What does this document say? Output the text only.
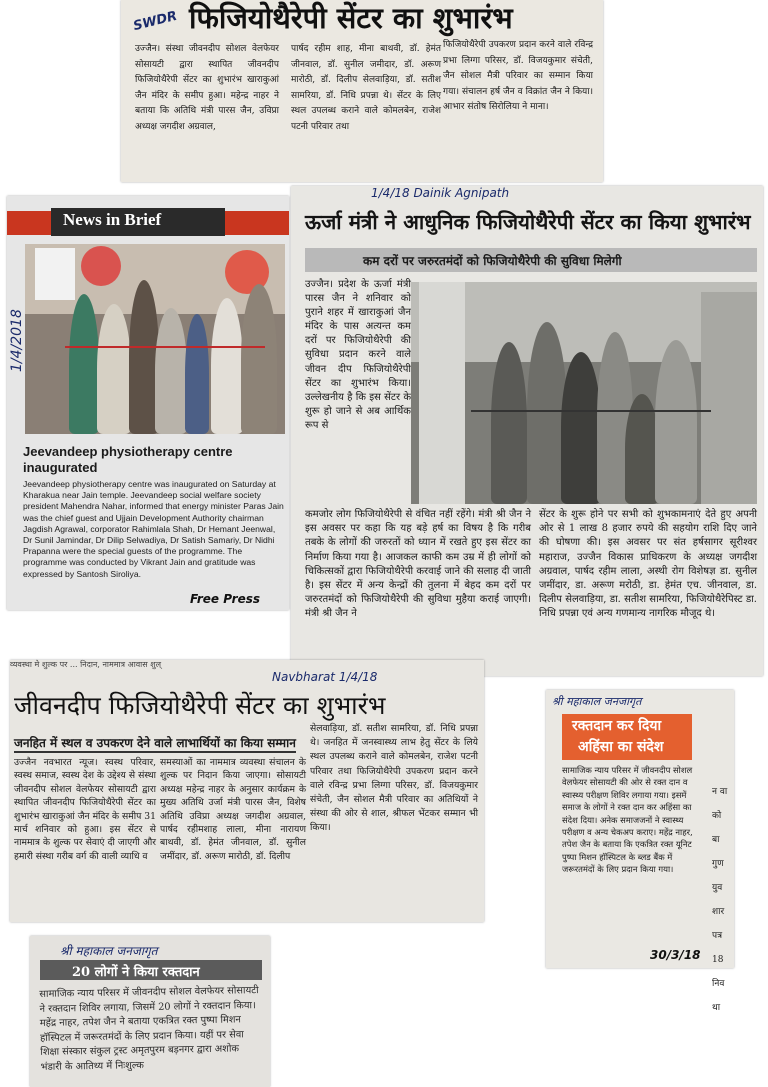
SWDR फिजियोथैरेपी सेंटर का शुभारंभ
उज्जैन। संस्था जीवनदीप सोशल वेलफेयर सोसायटी द्वारा स्थापित जीवनदीप फिजियोथैरेपी सेंटर का शुभारंभ खाराकुआं जैन मंदिर के समीप हुआ। महेन्द्र नाहर ने बताया कि अतिथि मंत्री पारस जैन, उविप्रा अध्यक्ष जगदीश अग्रवाल,
पार्षद रहीम शाह, मीना बाथवी, डॉ. हेमंत जीनवाल, डॉ. सुनील जमीदार, डॉ. अरूण मारोठी, डॉ. दिलीप सेलवाड़िया, डॉ. सतीश सामरिया, डॉ. निधि प्रपन्ना थे। सेंटर के लिए स्थल उपलब्ध कराने वाले कोमलबेन, राजेश पटनी परिवार तथा
फिजियोथैरेपी उपकरण प्रदान करने वाले रविन्द्र प्रभा लिग्गा परिसर, डॉ. विजयकुमार संचेती, जैन सोशल मैत्री परिवार का सम्मान किया गया। संचालन हर्ष जैन व विक्रांत जैन ने किया। आभार संतोष सिरोलिया ने माना।
News in Brief
1/4/2018
Jeevandeep physiotherapy centre inaugurated
Jeevandeep physiotherapy centre was inaugurated on Saturday at Kharakua near Jain temple. Jeevandeep social welfare society president Mahendra Nahar, informed that energy minister Paras Jain was the chief guest and Ujjain Development Authority chairman Jagdish Agrawal, corporator Rahimlala Shah, Dr Hemant Jeenwal, Dr Sunil Jamindar, Dr Dilip Selwadiya, Dr Satish Samariy, Dr Nidhi Prapanna were the special guests of the programme. The programme was conducted by Vikrant Jain and gratitude was expressed by Santosh Siroliya.
Free Press
1/4/18 Dainik Agnipath
ऊर्जा मंत्री ने आधुनिक फिजियोथैरेपी सेंटर का किया शुभारंभ
कम दरों पर जरुरतमंदों को फिजियोथैरेपी की सुविधा मिलेगी
उज्जैन। प्रदेश के ऊर्जा मंत्री पारस जैन ने शनिवार को पुराने शहर में खाराकुआं जैन मंदिर के पास अत्यन्त कम दरों पर फिजियोथैरेपी की सुविधा प्रदान करने वाले जीवन दीप फिजियोथैरेपी सेंटर का शुभारंभ किया। उल्लेखनीय है कि इस सेंटर के शुरू हो जाने से अब आर्थिक रूप से
कमजोर लोग फिजियोथैरेपी से वंचित नहीं रहेंगे। मंत्री श्री जैन ने इस अवसर पर कहा कि यह बड़े हर्ष का विषय है कि गरीब तबके के लोगों की जरुरतों को ध्यान में रखते हुए इस सेंटर का निर्माण किया गया है। आजकल काफी कम उम्र में ही लोगों को चिकित्सकों द्वारा फिजियोथैरेपी करवाई जाने की सलाह दी जाती है। इस सेंटर में अन्य केन्द्रों की तुलना में बेहद कम दरों पर जरुरतमंदों को फिजियोथैरेपी की सुविधा मुहैया कराई जाएगी। मंत्री श्री जैन ने
सेंटर के शुरू होने पर सभी को शुभकामनाएं देते हुए अपनी ओर से 1 लाख 8 हजार रुपये की सहयोग राशि दिए जाने की घोषणा की। इस अवसर पर संत हर्षसागर सूरीश्वर महाराज, उज्जैन विकास प्राधिकरण के अध्यक्ष जगदीश अग्रवाल, पार्षद रहीम लाला, अस्थी रोग विशेषज्ञ डा. सुनील जमींदार, डा. अरूण मरोठी, डा. हेमंत एच. जीनवाल, डा. दिलीप सेलवाड़िया, डा. सतीश सामरिया, फिजियोथैरेपिस्ट डा. निधि प्रपन्ना एवं अन्य गणमान्य नागरिक मौजूद थे।
व्यवस्था मे शुल्क पर ... निदान, नाममात्र आवास शुल्
Navbharat 1/4/18
जीवनदीप फिजियोथैरेपी सेंटर का शुभारंभ
जनहित में स्थल व उपकरण देने वाले लाभार्थियों का किया सम्मान
उज्जैन नवभारत न्यूज। स्वस्थ परिवार, स्वस्थ समाज, स्वस्थ देश के उद्देश्य से संस्था जीवनदीप सोशल वेलफेयर सोसायटी द्वारा स्थापित जीवनदीप फिजियोथैरेपी सेंटर का शुभारंभ खाराकुआं जैन मंदिर के समीप 31 मार्च शनिवार को हुआ। इस सेंटर से नाममात्र के शुल्क पर सेवाएं दी जाएगी और हमारी संस्था गरीब वर्ग की वाली व्याधि व
समस्याओं का नाममात्र व्यवस्था संचालन के शुल्क पर निदान किया जाएगा। सोसायटी अध्यक्ष महेन्द्र नाहर के अनुसार कार्यक्रम के मुख्य अतिथि उर्जा मंत्री पारस जैन, विशेष अतिथि उविप्रा अध्यक्ष जगदीश अग्रवाल, पार्षद रहीमशाह लाला, मीना नारायण बाथवी, डॉ. हेमंत जीनवाल, डॉ. सुनील जमींदार, डॉ. अरूण मारोठी, डॉ. दिलीप
सेलवाड़िया, डॉ. सतीश सामरिया, डॉ. निधि प्रपन्ना थे। जनहित में जनस्वास्थ्य लाभ हेतु सेंटर के लिये स्थल उपलब्ध कराने वाले कोमलबेन, राजेश पटनी परिवार तथा फिजियोथैरेपी उपकरण प्रदान करने वाले रविन्द्र प्रभा लिग्गा परिसर, डॉ. विजयकुमार संचेती, जैन सोशल मैत्री परिवार का अतिथियों ने संस्था की ओर से शाल, श्रीफल भेंटकर सम्मान भी किया।
श्री महाकाल जनजागृत
रक्तदान कर दिया
अहिंसा का संदेश
सामाजिक न्याय परिसर में जीवनदीप सोशल वेलफेयर सोसायटी की ओर से रक्त दान व स्वास्थ्य परीक्षण शिविर लगाया गया। इसमें समाज के लोगों ने रक्त दान कर अहिंसा का संदेश दिया। अनेक समाजजनों ने स्वास्थ्य परीक्षण व अन्य चेकअप कराए। महेंद्र नाहर, तपेश जैन के बताया कि एकत्रित रक्त यूनिट पुष्पा मिशन हॉस्पिटल के ब्लड बैंक में जरूरतमंदों के लिए प्रदान किया गया।
30/3/18
न वा को बा गुण युव शार पत्र 18 निव था
श्री महाकाल जनजागृत
20 लोगों ने किया रक्तदान
सामाजिक न्याय परिसर में जीवनदीप सोशल वेलफेयर सोसायटी ने रक्तदान शिविर लगाया, जिसमें 20 लोगों ने रक्तदान किया। महेंद्र नाहर, तपेश जैन ने बताया एकत्रित रक्त पुष्पा मिशन हॉस्पिटल में जरूरतमंदों के लिए प्रदान किया। यहीं पर सेवा शिक्षा संस्कार संकुल ट्रस्ट अमृतपुरम बड़नगर द्वारा अशोक भंडारी के आतिथ्य में निःशुल्क
